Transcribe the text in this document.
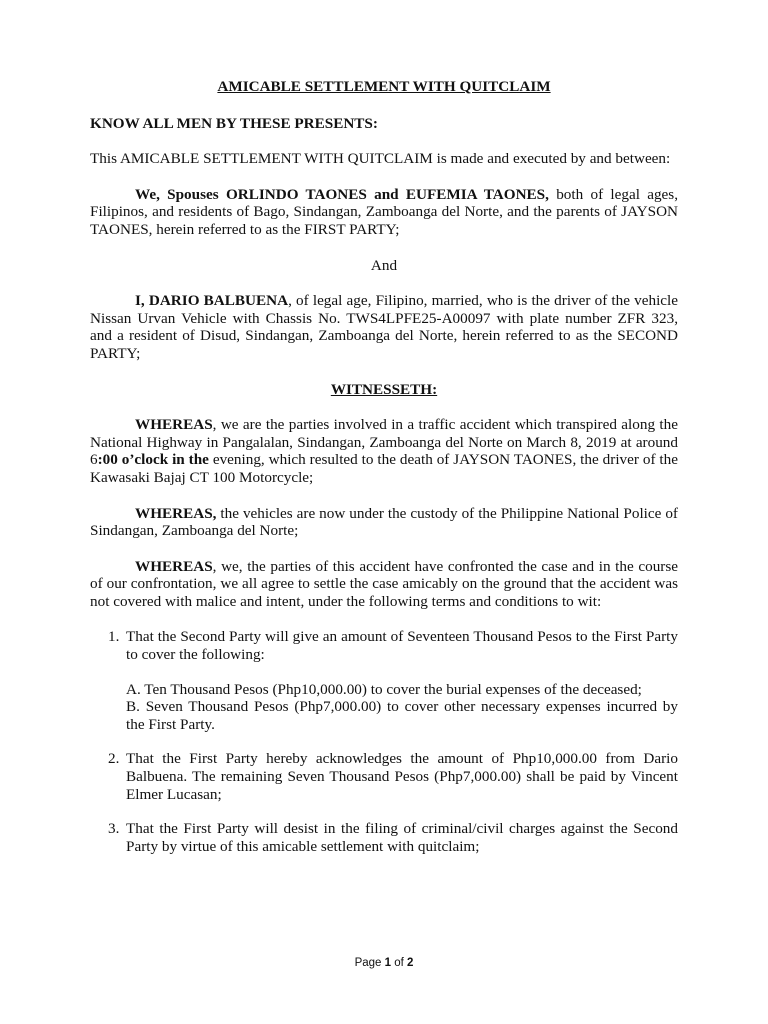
AMICABLE SETTLEMENT WITH QUITCLAIM
KNOW ALL MEN BY THESE PRESENTS:

This AMICABLE SETTLEMENT WITH QUITCLAIM is made and executed by and between:

We, Spouses ORLINDO TAONES and EUFEMIA TAONES, both of legal ages, Filipinos, and residents of Bago, Sindangan, Zamboanga del Norte, and the parents of JAYSON TAONES, herein referred to as the FIRST PARTY;

And

I, DARIO BALBUENA, of legal age, Filipino, married, who is the driver of the vehicle Nissan Urvan Vehicle with Chassis No. TWS4LPFE25-A00097 with plate number ZFR 323, and a resident of Disud, Sindangan, Zamboanga del Norte, herein referred to as the SECOND PARTY;

WITNESSETH:

WHEREAS, we are the parties involved in a traffic accident which transpired along the National Highway in Pangalalan, Sindangan, Zamboanga del Norte on March 8, 2019 at around 6:00 o’clock in the evening, which resulted to the death of JAYSON TAONES, the driver of the Kawasaki Bajaj CT 100 Motorcycle;

WHEREAS, the vehicles are now under the custody of the Philippine National Police of Sindangan, Zamboanga del Norte;

WHEREAS, we, the parties of this accident have confronted the case and in the course of our confrontation, we all agree to settle the case amicably on the ground that the accident was not covered with malice and intent, under the following terms and conditions to wit:

1. That the Second Party will give an amount of Seventeen Thousand Pesos to the First Party to cover the following:
A. Ten Thousand Pesos (Php10,000.00) to cover the burial expenses of the deceased;
B. Seven Thousand Pesos (Php7,000.00) to cover other necessary expenses incurred by the First Party.
2. That the First Party hereby acknowledges the amount of Php10,000.00 from Dario Balbuena. The remaining Seven Thousand Pesos (Php7,000.00) shall be paid by Vincent Elmer Lucasan;
3. That the First Party will desist in the filing of criminal/civil charges against the Second Party by virtue of this amicable settlement with quitclaim;
Page 1 of 2
